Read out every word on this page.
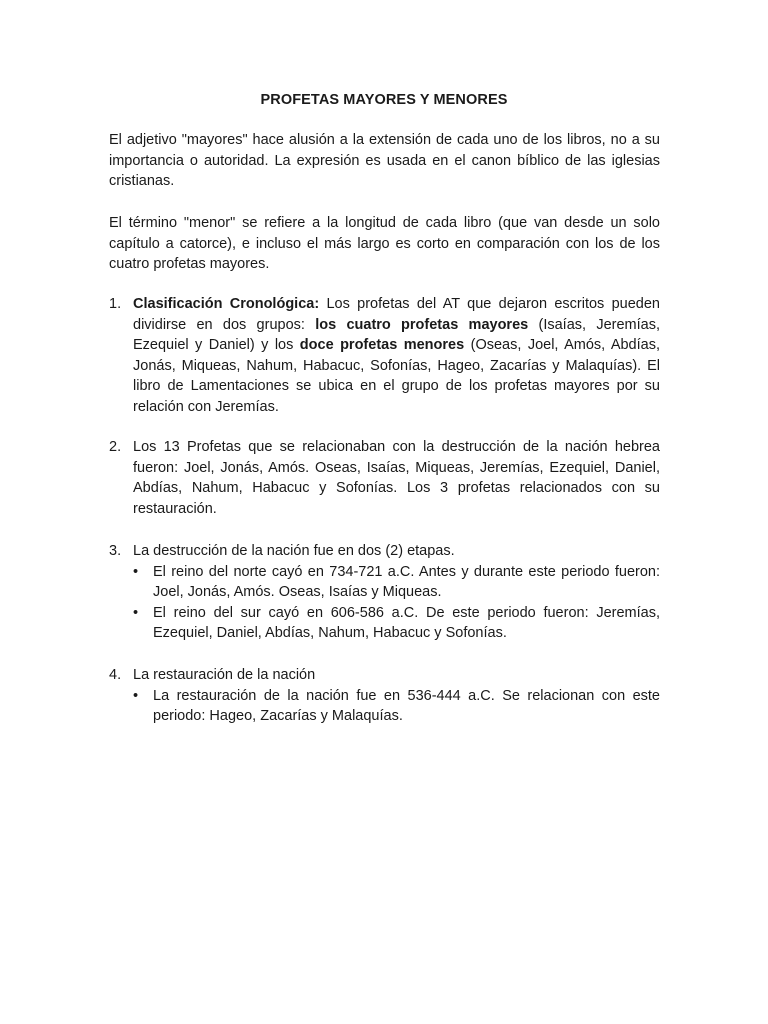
PROFETAS MAYORES Y MENORES

El adjetivo "mayores" hace alusión a la extensión de cada uno de los libros, no a su importancia o autoridad. La expresión es usada en el canon bíblico de las iglesias cristianas.

El término "menor" se refiere a la longitud de cada libro (que van desde un solo capítulo a catorce), e incluso el más largo es corto en comparación con los de los cuatro profetas mayores.

1. Clasificación Cronológica: Los profetas del AT que dejaron escritos pueden dividirse en dos grupos: los cuatro profetas mayores (Isaías, Jeremías, Ezequiel y Daniel) y los doce profetas menores (Oseas, Joel, Amós, Abdías, Jonás, Miqueas, Nahum, Habacuc, Sofonías, Hageo, Zacarías y Malaquías). El libro de Lamentaciones se ubica en el grupo de los profetas mayores por su relación con Jeremías.
2. Los 13 Profetas que se relacionaban con la destrucción de la nación hebrea fueron: Joel, Jonás, Amós. Oseas, Isaías, Miqueas, Jeremías, Ezequiel, Daniel, Abdías, Nahum, Habacuc y Sofonías. Los 3 profetas relacionados con su restauración.
3. La destrucción de la nación fue en dos (2) etapas.
•	El reino del norte cayó en 734-721 a.C. Antes y durante este periodo fueron: Joel, Jonás, Amós. Oseas, Isaías y Miqueas.
•	El reino del sur cayó en 606-586 a.C. De este periodo fueron: Jeremías, Ezequiel, Daniel, Abdías, Nahum, Habacuc y Sofonías.
4. La restauración de la nación
•	La restauración de la nación fue en 536-444 a.C. Se relacionan con este periodo: Hageo, Zacarías y Malaquías.
